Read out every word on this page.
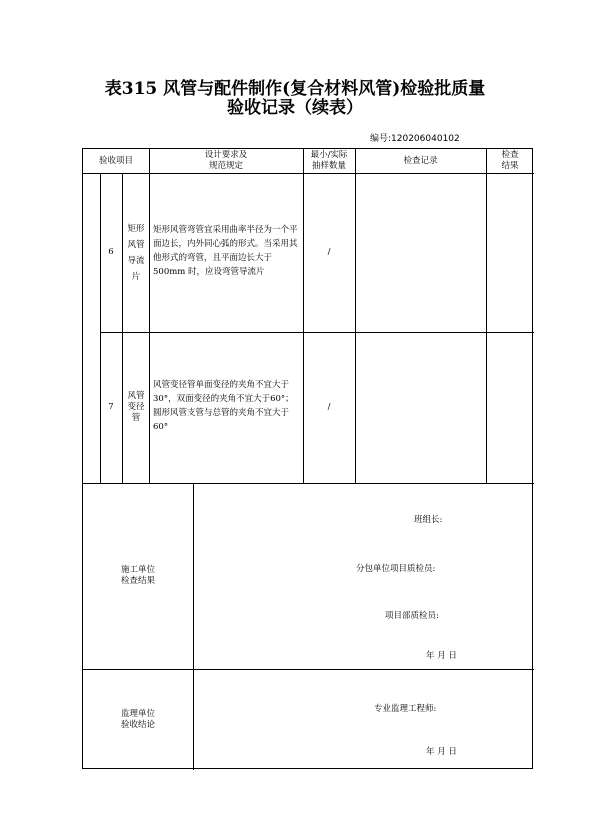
表315 风管与配件制作(复合材料风管)检验批质量
验收记录（续表）
编号:120206040102
验收项目
设计要求及
规范规定
最小/实际
抽样数量
检查记录
检查
结果
6
矩形风管导流片
矩形风管弯管宜采用曲率半径为一个平面边长，内外同心弧的形式。当采用其他形式的弯管，且平面边长大于500mm 时，应设弯管导流片
/
7
风管变径管
风管变径管单面变径的夹角不宜大于30°，双面变径的夹角不宜大于60°；圆形风管支管与总管的夹角不宜大于60°
/
施工单位
检查结果
班组长:
分包单位项目质检员:
项目部质检员:
年 月 日
监理单位
验收结论
专业监理工程师:
年 月 日
